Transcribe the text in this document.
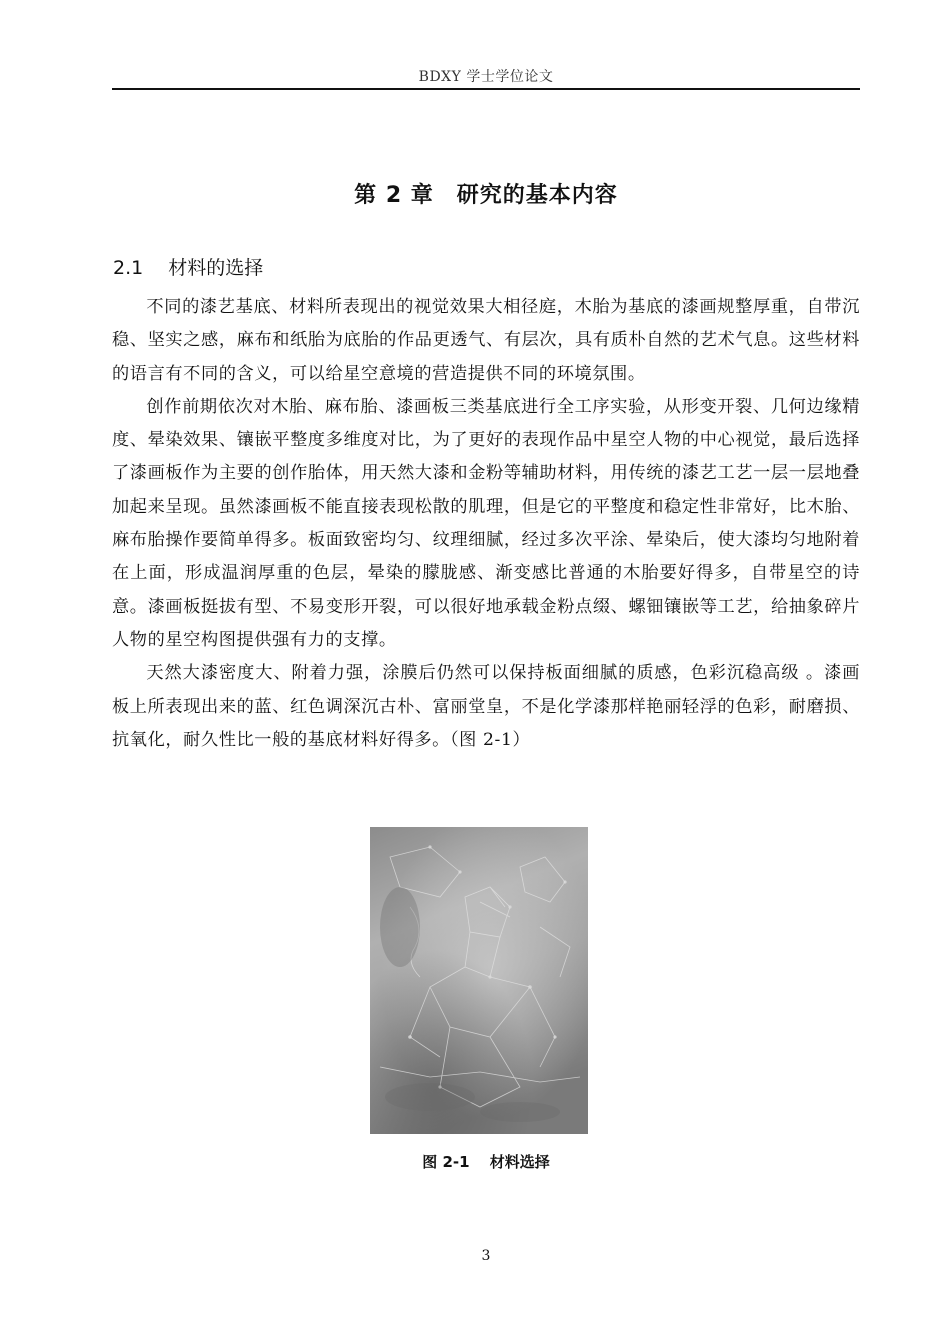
BDXY 学士学位论文
第 2 章　研究的基本内容
2.1　 材料的选择

不同的漆艺基底、材料所表现出的视觉效果大相径庭，木胎为基底的漆画规整厚重，自带沉稳、坚实之感，麻布和纸胎为底胎的作品更透气、有层次，具有质朴自然的艺术气息。这些材料的语言有不同的含义，可以给星空意境的营造提供不同的环境氛围。

创作前期依次对木胎、麻布胎、漆画板三类基底进行全工序实验，从形变开裂、几何边缘精度、晕染效果、镶嵌平整度多维度对比，为了更好的表现作品中星空人物的中心视觉，最后选择了漆画板作为主要的创作胎体，用天然大漆和金粉等辅助材料，用传统的漆艺工艺一层一层地叠加起来呈现。虽然漆画板不能直接表现松散的肌理，但是它的平整度和稳定性非常好，比木胎、麻布胎操作要简单得多。板面致密均匀、纹理细腻，经过多次平涂、晕染后，使大漆均匀地附着在上面，形成温润厚重的色层，晕染的朦胧感、渐变感比普通的木胎要好得多，自带星空的诗意。漆画板挺拔有型、不易变形开裂，可以很好地承载金粉点缀、螺钿镶嵌等工艺，给抽象碎片人物的星空构图提供强有力的支撑。

天然大漆密度大、附着力强，涂膜后仍然可以保持板面细腻的质感，色彩沉稳高级 。漆画板上所表现出来的蓝、红色调深沉古朴、富丽堂皇，不是化学漆那样艳丽轻浮的色彩，耐磨损、抗氧化，耐久性比一般的基底材料好得多。（图 2-1）

图 2-1　 材料选择
3
